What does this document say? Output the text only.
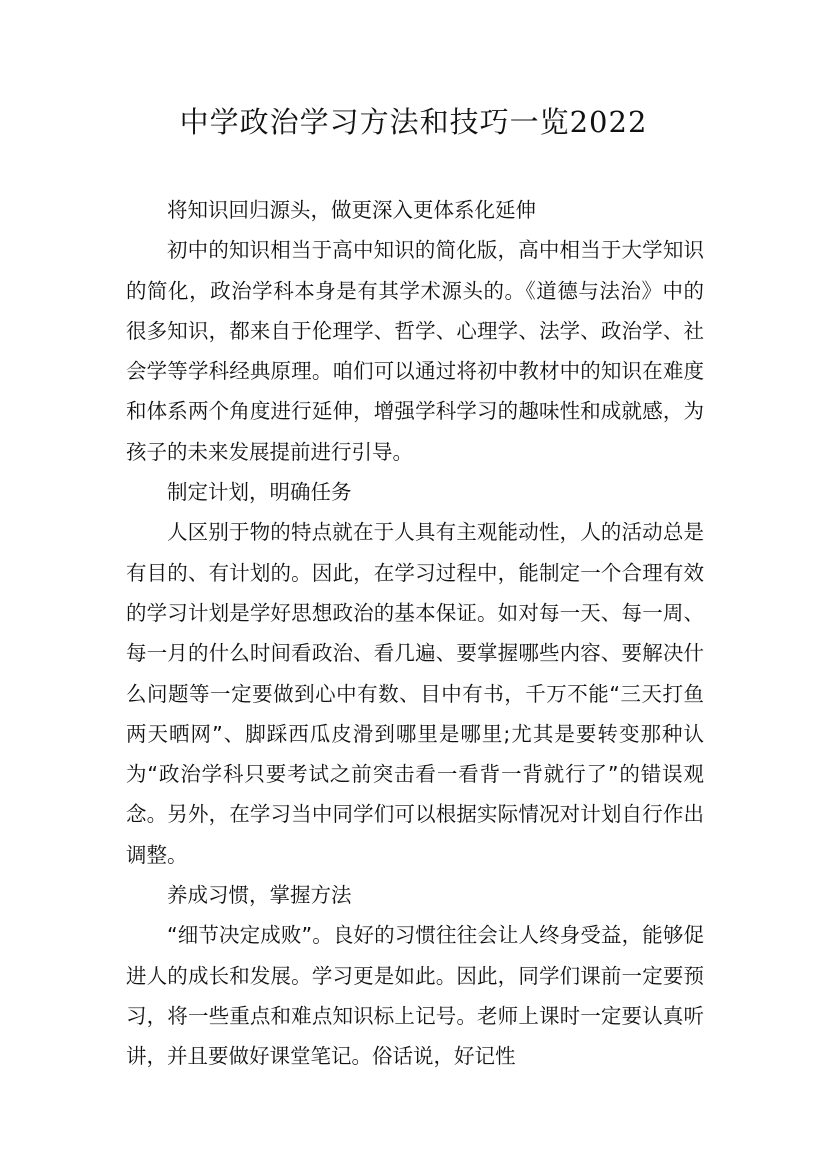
中学政治学习方法和技巧一览2022

将知识回归源头，做更深入更体系化延伸

初中的知识相当于高中知识的简化版，高中相当于大学知识的简化，政治学科本身是有其学术源头的。《道德与法治》中的很多知识，都来自于伦理学、哲学、心理学、法学、政治学、社会学等学科经典原理。咱们可以通过将初中教材中的知识在难度和体系两个角度进行延伸，增强学科学习的趣味性和成就感，为孩子的未来发展提前进行引导。

制定计划，明确任务

人区别于物的特点就在于人具有主观能动性，人的活动总是有目的、有计划的。因此，在学习过程中，能制定一个合理有效的学习计划是学好思想政治的基本保证。如对每一天、每一周、每一月的什么时间看政治、看几遍、要掌握哪些内容、要解决什么问题等一定要做到心中有数、目中有书，千万不能“三天打鱼两天晒网”、脚踩西瓜皮滑到哪里是哪里;尤其是要转变那种认为“政治学科只要考试之前突击看一看背一背就行了”的错误观念。另外，在学习当中同学们可以根据实际情况对计划自行作出调整。

养成习惯，掌握方法

“细节决定成败”。良好的习惯往往会让人终身受益，能够促进人的成长和发展。学习更是如此。因此，同学们课前一定要预习，将一些重点和难点知识标上记号。老师上课时一定要认真听讲，并且要做好课堂笔记。俗话说，好记性
